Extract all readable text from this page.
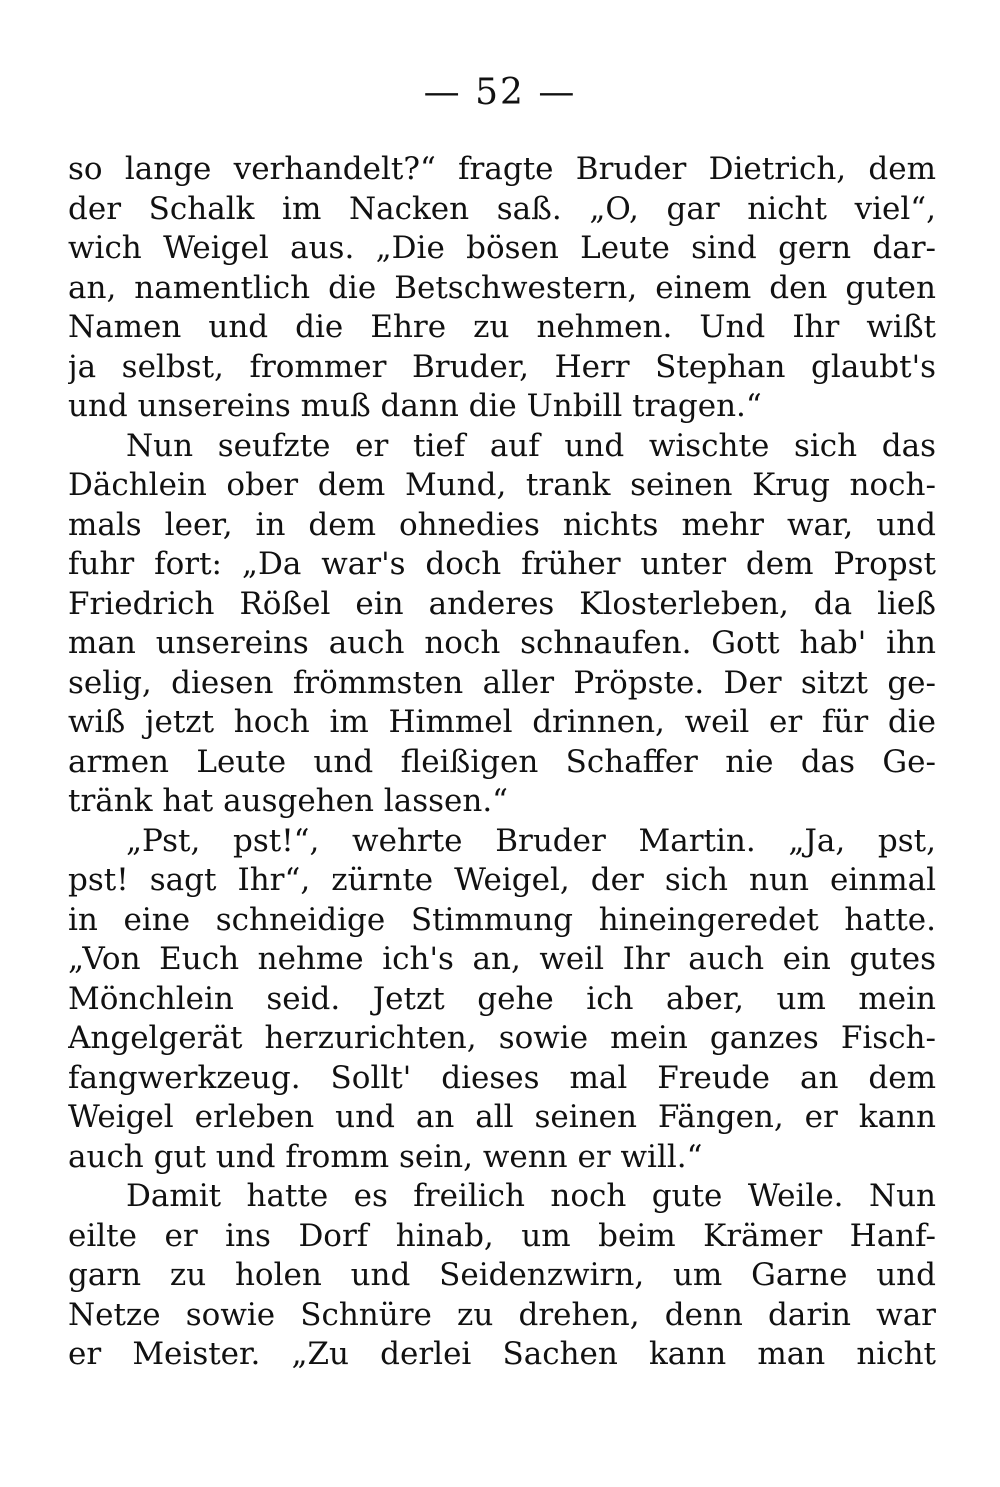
— 52 —
so lange verhandelt?“ fragte Bruder Dietrich, dem
der Schalk im Nacken saß. „O, gar nicht viel“,
wich Weigel aus. „Die bösen Leute sind gern dar-
an, namentlich die Betschwestern, einem den guten
Namen und die Ehre zu nehmen. Und Ihr wißt
ja selbst, frommer Bruder, Herr Stephan glaubt's
und unsereins muß dann die Unbill tragen.“
Nun seufzte er tief auf und wischte sich das
Dächlein ober dem Mund, trank seinen Krug noch-
mals leer, in dem ohnedies nichts mehr war, und
fuhr fort: „Da war's doch früher unter dem Propst
Friedrich Rößel ein anderes Klosterleben, da ließ
man unsereins auch noch schnaufen. Gott hab' ihn
selig, diesen frömmsten aller Pröpste. Der sitzt ge-
wiß jetzt hoch im Himmel drinnen, weil er für die
armen Leute und fleißigen Schaffer nie das Ge-
tränk hat ausgehen lassen.“
„Pst, pst!“, wehrte Bruder Martin. „Ja, pst,
pst! sagt Ihr“, zürnte Weigel, der sich nun einmal
in eine schneidige Stimmung hineingeredet hatte.
„Von Euch nehme ich's an, weil Ihr auch ein gutes
Mönchlein seid. Jetzt gehe ich aber, um mein
Angelgerät herzurichten, sowie mein ganzes Fisch-
fangwerkzeug. Sollt' dieses mal Freude an dem
Weigel erleben und an all seinen Fängen, er kann
auch gut und fromm sein, wenn er will.“
Damit hatte es freilich noch gute Weile. Nun
eilte er ins Dorf hinab, um beim Krämer Hanf-
garn zu holen und Seidenzwirn, um Garne und
Netze sowie Schnüre zu drehen, denn darin war
er Meister. „Zu derlei Sachen kann man nicht
